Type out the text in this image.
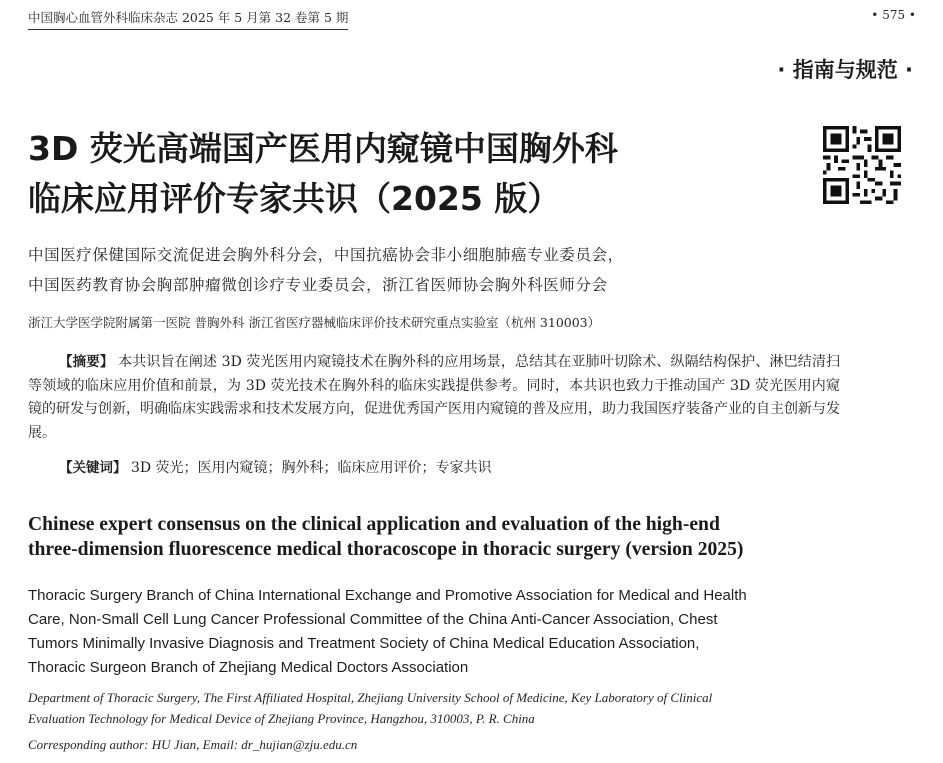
中国胸心血管外科临床杂志 2025 年 5 月第 32 卷第 5 期	• 575 •
· 指南与规范 ·
3D 荧光高端国产医用内窥镜中国胸外科
临床应用评价专家共识（2025 版）
中国医疗保健国际交流促进会胸外科分会，中国抗癌协会非小细胞肺癌专业委员会，
中国医药教育协会胸部肿瘤微创诊疗专业委员会，浙江省医师协会胸外科医师分会
浙江大学医学院附属第一医院 普胸外科 浙江省医疗器械临床评价技术研究重点实验室（杭州 310003）

【摘要】 本共识旨在阐述 3D 荧光医用内窥镜技术在胸外科的应用场景，总结其在亚肺叶切除术、纵隔结构保护、淋巴结清扫等领域的临床应用价值和前景，为 3D 荧光技术在胸外科的临床实践提供参考。同时，本共识也致力于推动国产 3D 荧光医用内窥镜的研发与创新，明确临床实践需求和技术发展方向，促进优秀国产医用内窥镜的普及应用，助力我国医疗装备产业的自主创新与发展。

【关键词】 3D 荧光；医用内窥镜；胸外科；临床应用评价；专家共识
Chinese expert consensus on the clinical application and evaluation of the high-end
three-dimension fluorescence medical thoracoscope in thoracic surgery (version 2025)
Thoracic Surgery Branch of China International Exchange and Promotive Association for Medical and Health
Care, Non-Small Cell Lung Cancer Professional Committee of the China Anti-Cancer Association, Chest
Tumors Minimally Invasive Diagnosis and Treatment Society of China Medical Education Association,
Thoracic Surgeon Branch of Zhejiang Medical Doctors Association
Department of Thoracic Surgery, The First Affiliated Hospital, Zhejiang University School of Medicine, Key Laboratory of Clinical
Evaluation Technology for Medical Device of Zhejiang Province, Hangzhou, 310003, P. R. China
Corresponding author: HU Jian, Email: dr_hujian@zju.edu.cn
